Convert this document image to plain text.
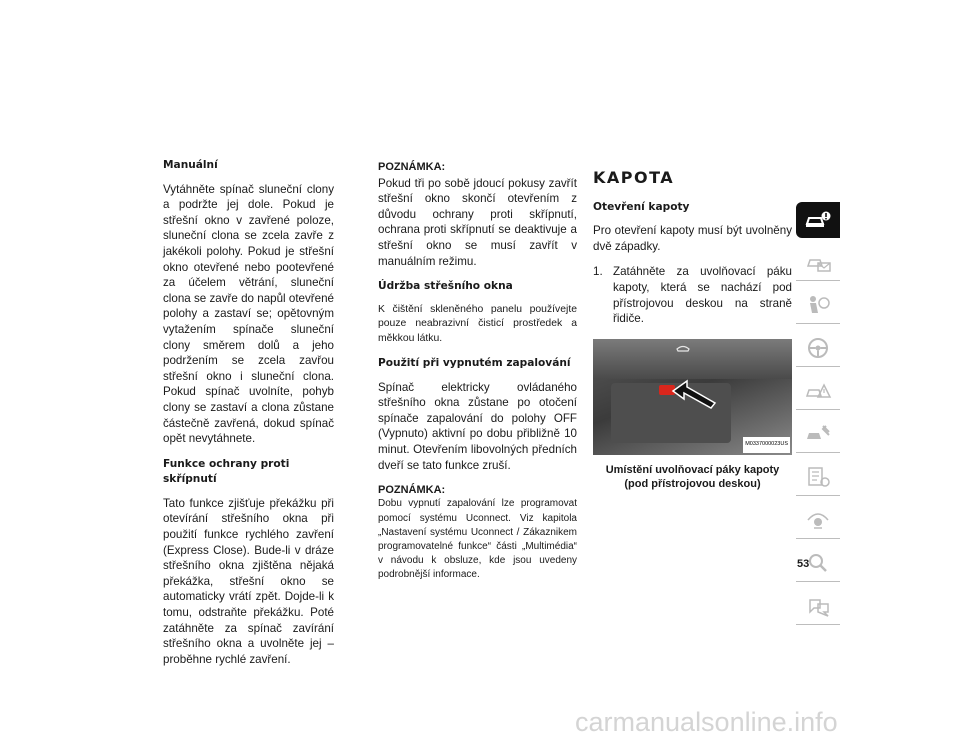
Manuální

Vytáhněte spínač sluneční clony a podržte jej dole. Pokud je střešní okno v zavřené poloze, sluneční clona se zcela zavře z jakékoli polohy. Pokud je střešní okno otevřené nebo pootevřené za účelem větrání, sluneční clona se zavře do napůl otevřené polohy a zastaví se; opětovným vytažením spínače sluneční clony směrem dolů a jeho podržením se zcela zavřou střešní okno i sluneční clona. Pokud spínač uvolníte, pohyb clony se zastaví a clona zůstane částečně zavřená, dokud spínač opět nevytáhnete.

Funkce ochrany proti skřípnutí

Tato funkce zjišťuje překážku při otevírání střešního okna při použití funkce rychlého zavření (Express Close). Bude-li v dráze střešního okna zjištěna nějaká překážka, střešní okno se automaticky vrátí zpět. Dojde-li k tomu, odstraňte překážku. Poté zatáhněte za spínač zavírání střešního okna a uvolněte jej – proběhne rychlé zavření.

POZNÁMKA:
Pokud tři po sobě jdoucí pokusy zavřít střešní okno skončí otevřením z důvodu ochrany proti skřípnutí, ochrana proti skřípnutí se deaktivuje a střešní okno se musí zavřít v manuálním režimu.

Údržba střešního okna

K čištění skleněného panelu používejte pouze neabrazivní čisticí prostředek a měkkou látku.

Použití při vypnutém zapalování

Spínač elektricky ovládaného střešního okna zůstane po otočení spínače zapalování do polohy OFF (Vypnuto) aktivní po dobu přibližně 10 minut. Otevřením libovolných předních dveří se tato funkce zruší.

POZNÁMKA:
Dobu vypnutí zapalování lze programovat pomocí systému Uconnect. Viz kapitola „Nastavení systému Uconnect / Zákaznikem programovatelné funkce“ části „Multimédia“ v návodu k obsluze, kde jsou uvedeny podrobnější informace.

KAPOTA
Otevření kapoty

Pro otevření kapoty musí být uvolněny dvě západky.

1. Zatáhněte za uvolňovací páku kapoty, která se nachází pod přístrojovou deskou na straně řidiče.
M0337000023US
Umístění uvolňovací páky kapoty
(pod přístrojovou deskou)
53
carmanualsonline.info
